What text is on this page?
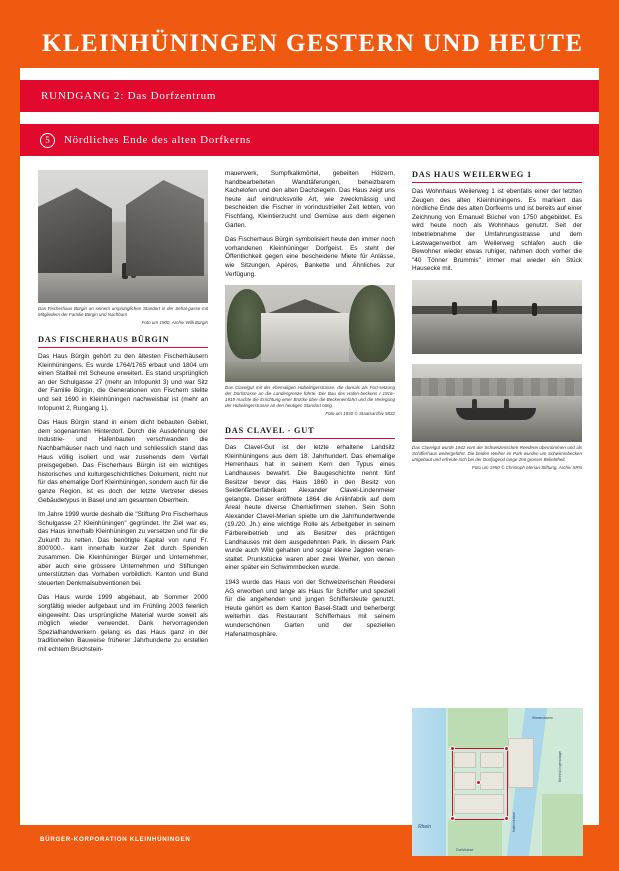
KLEINHÜNINGEN GESTERN UND HEUTE
RUNDGANG 2: Das Dorfzentrum
5	Nördliches Ende des alten Dorfkerns
Das Fischerhaus Bürgin an seinem ursprünglichen Standort in der Sehal-gasse mit Mitgliedern der Familie Bürgin und Nachbarn
Foto um 1900, Archiv Willi Bürgin
DAS FISCHERHAUS BÜRGIN

Das Haus Bürgin gehört zu den ältesten Fischerhäusern Kleinhüningens. Es wurde 1764/1765 erbaut und 1804 um einen Stallteil mit Scheune erweitert. Es stand ursprünglich an der Schulgasse 27 (mehr an Infopunkt 3) und war Sitz der Familie Bürgin, die Generationen von Fischern stellte und seit 1690 in Kleinhüningen nachweisbar ist (mehr an Infopunkt 2, Rungang 1).

Das Haus Bürgin stand in einem dicht bebauten Gebiet, dem sogenannten Hinterdorf. Durch die Ausdehnung der Industrie- und Hafenbauten verschwanden die Nachbarhäuser nach und nach und schliesslich stand das Haus völlig isoliert und war zusehends dem Verfall preisgegeben. Das Fischerhaus Bürgin ist ein wichtiges historisches und kulturgeschichtliches Dokument, nicht nur für das ehemalige Dorf Kleinhüningen, sondern auch für die ganze Region, ist es doch der letzte Vertreter dieses Gebäudetypus in Basel und am gesamten Oberrhein.

Im Jahre 1999 wurde deshalb die "Stiftung Pro Fischerhaus Schulgasse 27 Kleinhüningen" gegründet. Ihr Ziel war es, das Haus innerhalb Kleinhüningen zu versetzen und für die Zukunft zu retten. Das benötigte Kapital von rund Fr. 800'000.- kam innerhalb kurzer Zeit durch Spenden zusammen. Die Kleinhüninger Bürger und Unternehmer, aber auch eine grössere Unternehmen und Stiftungen unterstützten das Vorhaben vorbildlich. Kanton und Bund steuerten Denkmalsubventionen bei.

Das Haus wurde 1999 abgebaut, ab Sommer 2000 sorgfältig wieder aufgebaut und im Frühling 2003 feierlich eingeweiht. Das ursprüngliche Material wurde soweit als möglich wieder verwendet. Dank hervorragenden Spezialhandwerkern gelang es das Haus ganz in der traditionellen Bauweise früherer Jahrhunderte zu erstellen mit echtem Bruchstein-

mauerwerk, Sumpfkalkmörtel, gebeilten Hölzern, handbearbeiteten Wandtäferungen, beheizbarem Kachelofen und den alten Dachziegeln. Das Haus zeigt uns heute auf eindrucksvolle Art, wie zweckmässig und bescheiden die Fischer in vorindustrieller Zeit lebten, von Fischfang, Kleintierzucht und Gemüse aus dem eigenen Garten.

Das Fischerhaus Bürgin symbolisiert heute den immer noch vorhandenen Kleinhüninger Dorfgeist. Es steht der Öffentlichkeit gegen eine bescheidene Miete für Anlässe, wie Sitzungen, Apéros, Bankette und Ähnliches zur Verfügung.

Das Clavelgut mit der ehemaligen Hübelingerstrasse, die damals als Fort-setzung der Dorfstrasse an die Landesgrenze führte. Der Bau des Hafen-beckens I 1916–1919 machte die Errichtung einer Brücke über die Beckeneinfahrt und die Verlegung der Hübelingerstrasse an den heutigen Standort nötig.
Foto um 1930 © Staatsarchiv 5832
DAS CLAVEL - GUT

Das Clavel-Gut ist der letzte erhaltene Landsitz Kleinhüningens aus dem 18. Jahrhundert. Das ehemalige Herrenhaus hat in seinem Kern den Typus eines Landhauses bewahrt. Die Baugeschichte nennt fünf Besitzer bevor das Haus 1860 in den Besitz von Seidenfärberfabrikant Alexander Clavel-Lindenmeier gelangte. Dieser eröffnete 1864 die Anilinfabrik auf dem Areal heute diverse Chemiefirmen stehen. Sein Sohn Alexander Clavel-Merian spielte um die Jahrhundertwende (19./20. Jh.) eine wichtige Rolle als Arbeitgeber in seinem Färbereibetrieb und als Besitzer des prächtigen Landhauses mit dem ausgedehnten Park. In diesem Park wurde auch Wild gehalten und sogar kleine Jagden veranstaltet. Prunkstücke waren aber zwei Weiher, von denen einer später ein Schwimmbecken wurde.

1943 wurde das Haus von der Schweizerischen Reederei AG erworben und lange als Haus für Schiffer und speziell für die angehenden und jungen Schiffersleute genutzt. Heute gehört es dem Kanton Basel-Stadt und beherbergt weiterhin das Restaurant Schifferhaus mit seinem wunderschönen Garten und der speziellen Hafenatmosphäre.

DAS HAUS WEILERWEG 1

Das Wohnhaus Weilerweg 1 ist ebenfalls einer der letzten Zeugen des alten Kleinhüningens. Es markiert das nördliche Ende des alten Dorfkerns und ist bereits auf einer Zeichnung von Emanuel Büchel von 1750 abgebildet. Es wird heute noch als Wohnhaus genutzt. Seit der Inbetriebnahme der Umfahrungsstrasse und dem Lastwagenverbot am Weilerweg schlafen auch die Bewohner wieder etwas ruhiger, nahmen doch vorher die "40 Tönner Brummis" immer mal wieder ein Stück Hausecke mit.

Das Clavelgut wurde 1942 vom der Schweizerischen Reederei übernommen und als Schifferhaus weitergeführt. Die beiden Weiher im Park wurden um Schwimmbecken umgebaut und erfreute sich bei der Dorfjugend lange Zeit grosser Beliebtheit.
Foto um 1950 © Christoph Merian Stiftung, Archiv SRN
Rhein	Hafenstrasse
Kleinhüningeranlage
Wiesendamm
Dorfstrasse
BÜRGER-KORPORATION KLEINHÜNINGEN
